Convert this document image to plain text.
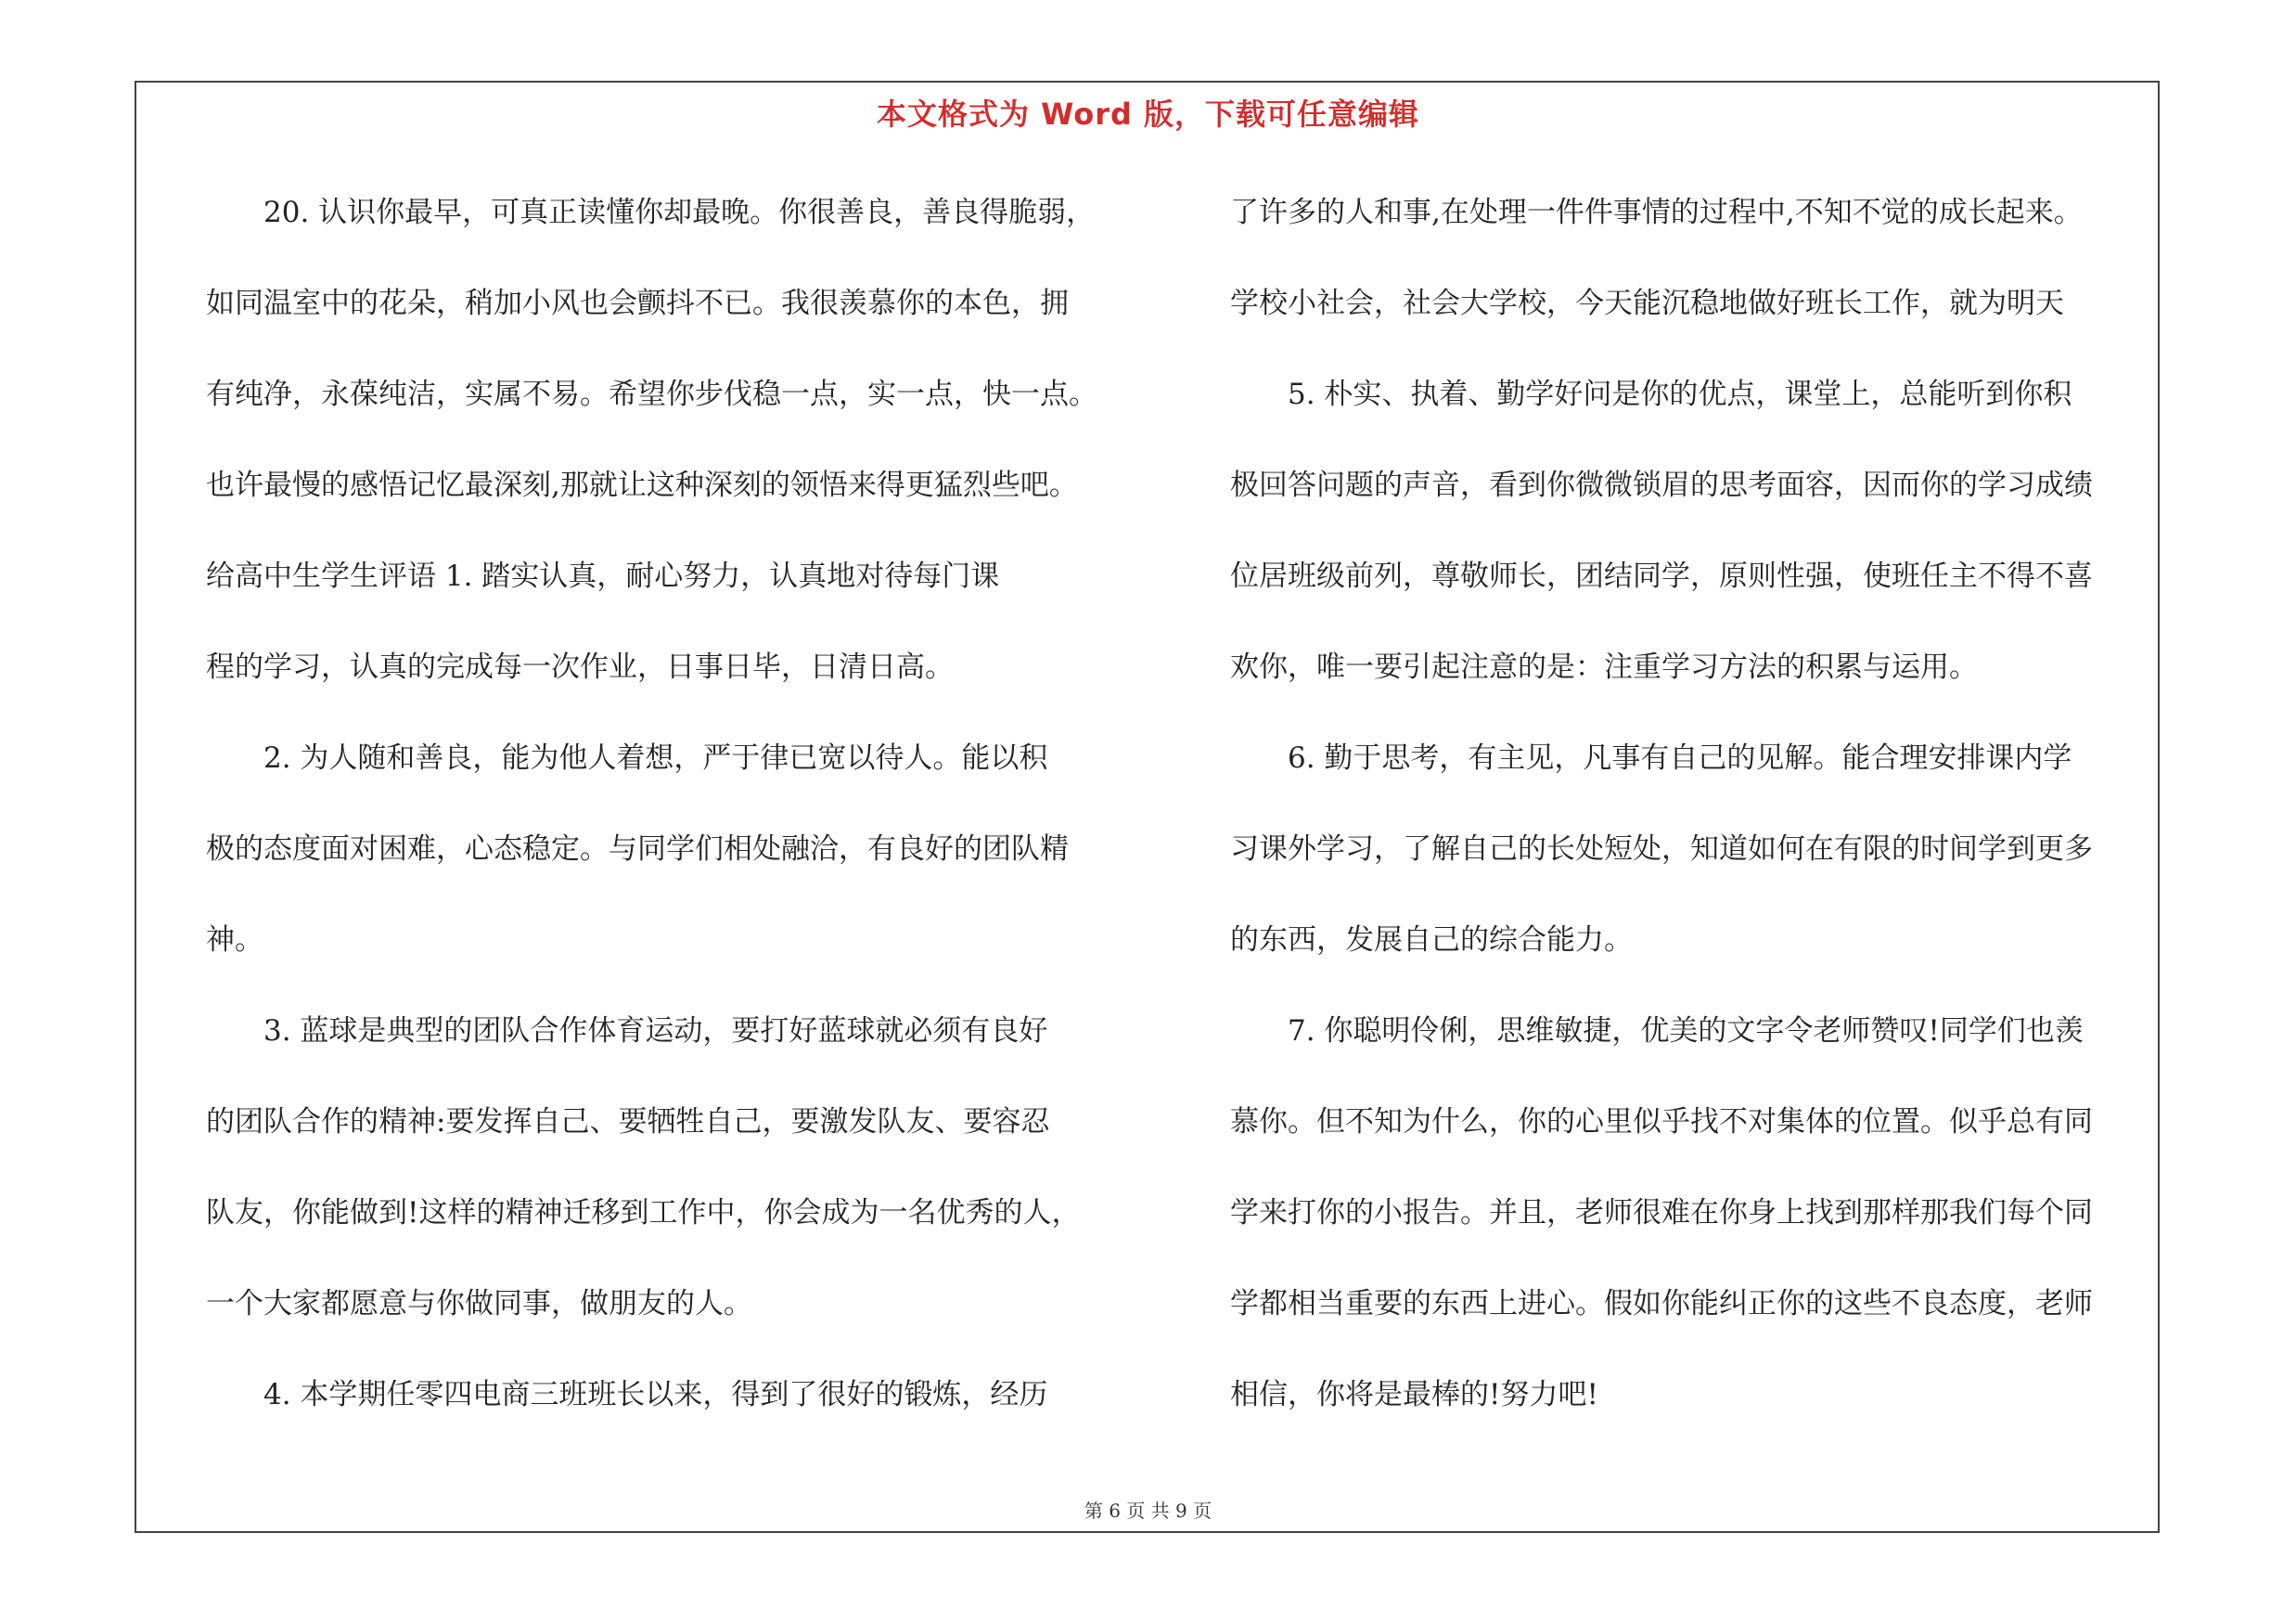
本文格式为 Word 版，下载可任意编辑
20. 认识你最早，可真正读懂你却最晚。你很善良，善良得脆弱，
如同温室中的花朵，稍加小风也会颤抖不已。我很羡慕你的本色，拥
有纯净，永葆纯洁，实属不易。希望你步伐稳一点，实一点，快一点。
也许最慢的感悟记忆最深刻,那就让这种深刻的领悟来得更猛烈些吧。
给高中生学生评语 1. 踏实认真，耐心努力，认真地对待每门课
程的学习，认真的完成每一次作业，日事日毕，日清日高。
2. 为人随和善良，能为他人着想，严于律已宽以待人。能以积
极的态度面对困难，心态稳定。与同学们相处融洽，有良好的团队精
神。
3. 蓝球是典型的团队合作体育运动，要打好蓝球就必须有良好
的团队合作的精神:要发挥自己、要牺牲自己，要激发队友、要容忍
队友，你能做到!这样的精神迁移到工作中，你会成为一名优秀的人，
一个大家都愿意与你做同事，做朋友的人。
4. 本学期任零四电商三班班长以来，得到了很好的锻炼，经历
了许多的人和事,在处理一件件事情的过程中,不知不觉的成长起来。
学校小社会，社会大学校，今天能沉稳地做好班长工作，就为明天
5. 朴实、执着、勤学好问是你的优点，课堂上，总能听到你积
极回答问题的声音，看到你微微锁眉的思考面容，因而你的学习成绩
位居班级前列，尊敬师长，团结同学，原则性强，使班任主不得不喜
欢你，唯一要引起注意的是：注重学习方法的积累与运用。
6. 勤于思考，有主见，凡事有自己的见解。能合理安排课内学
习课外学习，了解自己的长处短处，知道如何在有限的时间学到更多
的东西，发展自己的综合能力。
7. 你聪明伶俐，思维敏捷，优美的文字令老师赞叹!同学们也羡
慕你。但不知为什么，你的心里似乎找不对集体的位置。似乎总有同
学来打你的小报告。并且，老师很难在你身上找到那样那我们每个同
学都相当重要的东西上进心。假如你能纠正你的这些不良态度，老师
相信，你将是最棒的!努力吧!
第 6 页 共 9 页
